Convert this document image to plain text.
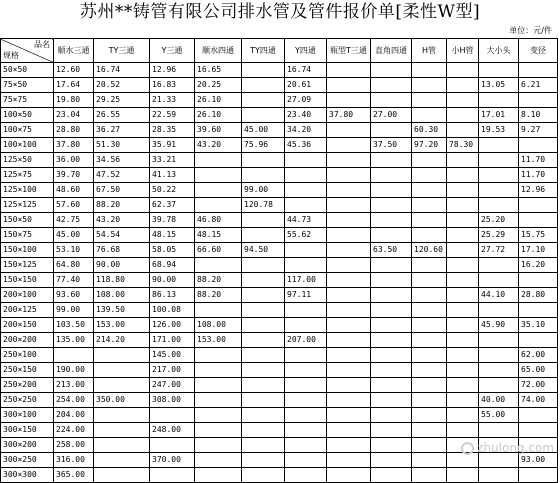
苏州**铸管有限公司排水管及管件报价单[柔性W型]
单位：元/件
品名
规格	顺水三通	TY三通	Y三通	顺水四通	TY四通	Y四通	瓶型T三通	直角四通	H管	小H管	大小头	变径
50×50	12.60	16.74	12.96	16.65		16.74						
75×50	17.64	20.52	16.83	20.25		20.61					13.05	6.21
75×75	19.80	29.25	21.33	26.10		27.09						
100×50	23.04	26.55	22.59	26.10		23.40	37.80	27.00			17.01	8.10
100×75	28.80	36.27	28.35	39.60	45.00	34.20			60.30		19.53	9.27
100×100	37.80	51.30	35.91	43.20	75.96	45.36		37.50	97.20	78.30		
125×50	36.00	34.56	33.21									11.70
125×75	39.70	47.52	41.13									11.70
125×100	48.60	67.50	50.22		99.00							12.96
125×125	57.60	88.20	62.37		120.78							
150×50	42.75	43.20	39.78	46.80		44.73					25.20	
150×75	45.00	54.54	48.15	48.15		55.62					25.29	15.75
150×100	53.10	76.68	58.05	66.60	94.50			63.50	120.60		27.72	17.10
150×125	64.80	90.00	68.94									16.20
150×150	77.40	118.80	90.00	88.20		117.00						
200×100	93.60	108.00	86.13	88.20		97.11					44.10	28.80
200×125	99.00	139.50	100.08									
200×150	103.50	153.00	126.00	108.00							45.90	35.10
200×200	135.00	214.20	171.00	153.00		207.00						
250×100			145.00									62.00
250×150	190.00		217.00									65.00
250×200	213.00		247.00									72.00
250×250	254.00	350.00	308.00								40.00	74.00
300×100	204.00										55.00	
300×150	224.00		248.00									
300×200	258.00											
300×250	316.00		370.00									93.00
300×300	365.00											
zhulong.com
